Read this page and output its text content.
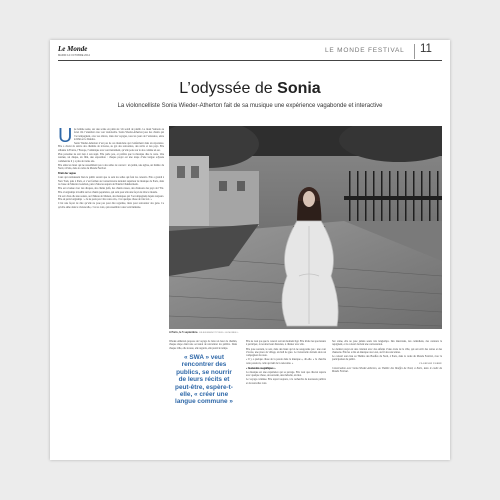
Le Monde
MARDI 14 OCTOBRE 2014
LE MONDE FESTIVAL 11
L’odyssée de Sonia
La violoncelliste Sonia Wieder-Atherton fait de sa musique une expérience vagabonde et interactive
U ne femme seule, sur une scène en plein air. Un soleil de plomb. Le mont Ventoux au fond. On l’attendait avec son violoncelle. Sonia Wieder-Atherton joue des chants qui l’accompagnent, avec ses élèves, dans des voyages, tous les jours de l’existence, entre le Rhin et le Danube.

Sonia Wieder-Atherton n’est pas de ces musiciens qui s’enferment dans un répertoire. Elle a choisi de suivre des chemins de traverse, au gré des rencontres, des récits et des pays. Elle sillonne la France, l’Europe, l’Amérique avec son instrument, qu’elle porte sur le dos comme un sac.

Plus personne ne sait rien à son sujet. Elle parle peu, et préfère que la musique dise le reste. Une tournée, un disque, un film, une exposition : chaque projet est une étape d’une longue odyssée commencée il y a plus de trente ans.

Elle aime les lieux qui ne ressemblent pas à des salles de concert : un jardin, une église, un théâtre du Nord, à Paris, dans le cadre du Monde Festival.

Bruit des vagues

Ceux qui connaissent bien le public savent que ce sont les salles qui font les concerts. Elle a grandi à New York, puis à Paris, et s’est formée au Conservatoire national supérieur de musique de Paris, dans la classe de Maurice Gendron, puis à Moscou auprès de Natalia Chakhovskaïa.

Elle est revenue avec des disques, des chants juifs, des chants russes, des chansons des pays de l’Est. Elle a longtemps travaillé sur les chants populaires, qui sont pour elle une façon de dire le monde.

Un soir chez elle une sonate, au Château de Meisen, des musiques qui l’accompagnent depuis toujours. Elle en parle longtemps : « Je ne peux pas vivre sans cela, c’est quelque chose de très fort. »

C’est une façon de dire qu’elle ne joue pas pour être regardée, mais pour rencontrer des gens. Ce qu’elle aime dans le violoncelle, c’est sa voix, qui ressemble à une voix humaine.

A Paris, le 5 septembre. JULIEN MIGNOT POUR « LE MONDE »

Wieder-Atherton propose un voyage de faire un bout de chemin, chaque étape étant une occasion de rencontrer les publics. Dans chaque ville, elle écoute, elle regarde, elle prend le temps.

« SWA » veut rencontrer des publics, se nourrir de leurs récits et peut-être, espère-t-elle, « créer une langue commune »

Elle ne veut pas que le concert soit un moment figé. Elle invite les spectateurs à participer, à raconter leurs histoires, à chanter avec elle.

Elle joue souvent, le soir, dans des lieux qu’on ne soupçonne pas : une cour d’école, une place de village, un hall de gare. Le violoncelle devient alors un compagnon de route.

« Il y a quelque chose de la parole dans la musique », dit-elle. « Je cherche cette parole-là, celle qui naît de la rencontre. »

« Inattendus magnifiques »

La musique est une expérience qui se partage. Elle veut que chacun reparte avec quelque chose, un souvenir, une mélodie, un mot.

Le voyage continue. Elle repart toujours, à la recherche de nouveaux publics et de nouvelles voix.

Sur scène, elle ne joue jamais seule très longtemps. Des musiciens, des comédiens, des conteurs la rejoignent, et le concert devient une conversation.

Le dernier projet est une création avec des enfants d’une école de la ville, qui ont écrit des textes et des chansons. Elle les a mis en musique avec eux, au fil des rencontres.

Le concert aura lieu au Théâtre des Bouffes du Nord, à Paris, dans le cadre du Monde Festival, avec la participation du public.

CLARISSE FABRE

Conversation avec Sonia Wieder-Atherton, au Théâtre des Bouffes du Nord, à Paris, dans le cadre du Monde Festival.
